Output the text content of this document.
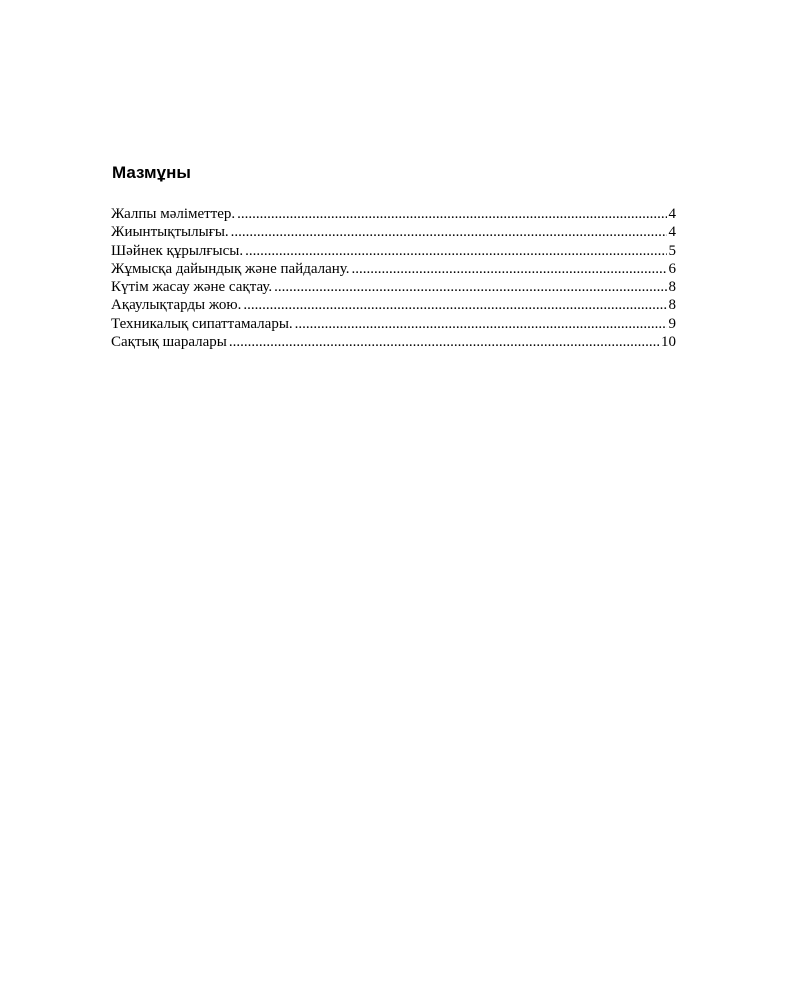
Мазмұны
Жалпы мәліметтер. .....	4
Жиынтықтылығы. .....	4
Шәйнек құрылғысы. .....	5
Жұмысқа дайындық және пайдалану. .....	6
Күтім жасау және сақтау. .....	8
Ақаулықтарды жою. .....	8
Техникалық сипаттамалары. .....	9
Сақтық шаралары .....	10
